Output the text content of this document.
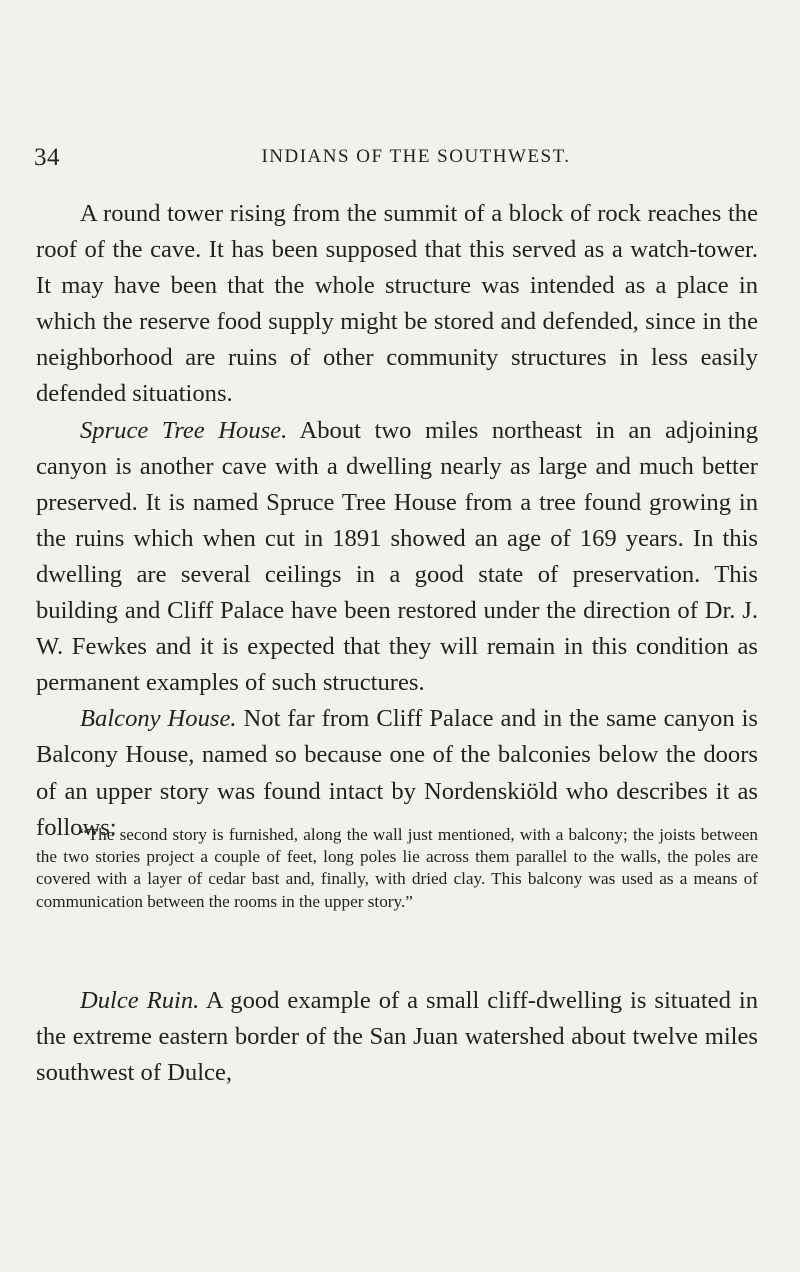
34	INDIANS OF THE SOUTHWEST.

A round tower rising from the summit of a block of rock reaches the roof of the cave. It has been supposed that this served as a watch-tower. It may have been that the whole structure was intended as a place in which the reserve food supply might be stored and defended, since in the neighborhood are ruins of other community structures in less easily defended situations.

Spruce Tree House. About two miles northeast in an adjoining canyon is another cave with a dwelling nearly as large and much better preserved. It is named Spruce Tree House from a tree found growing in the ruins which when cut in 1891 showed an age of 169 years. In this dwelling are several ceilings in a good state of preservation. This building and Cliff Palace have been restored under the direction of Dr. J. W. Fewkes and it is expected that they will remain in this condition as permanent examples of such structures.

Balcony House. Not far from Cliff Palace and in the same canyon is Balcony House, named so because one of the balconies below the doors of an upper story was found intact by Nordenskiöld who describes it as follows:

“The second story is furnished, along the wall just mentioned, with a balcony; the joists between the two stories project a couple of feet, long poles lie across them parallel to the walls, the poles are covered with a layer of cedar bast and, finally, with dried clay. This balcony was used as a means of communication between the rooms in the upper story.”

Dulce Ruin. A good example of a small cliff-dwelling is situated in the extreme eastern border of the San Juan watershed about twelve miles southwest of Dulce,
